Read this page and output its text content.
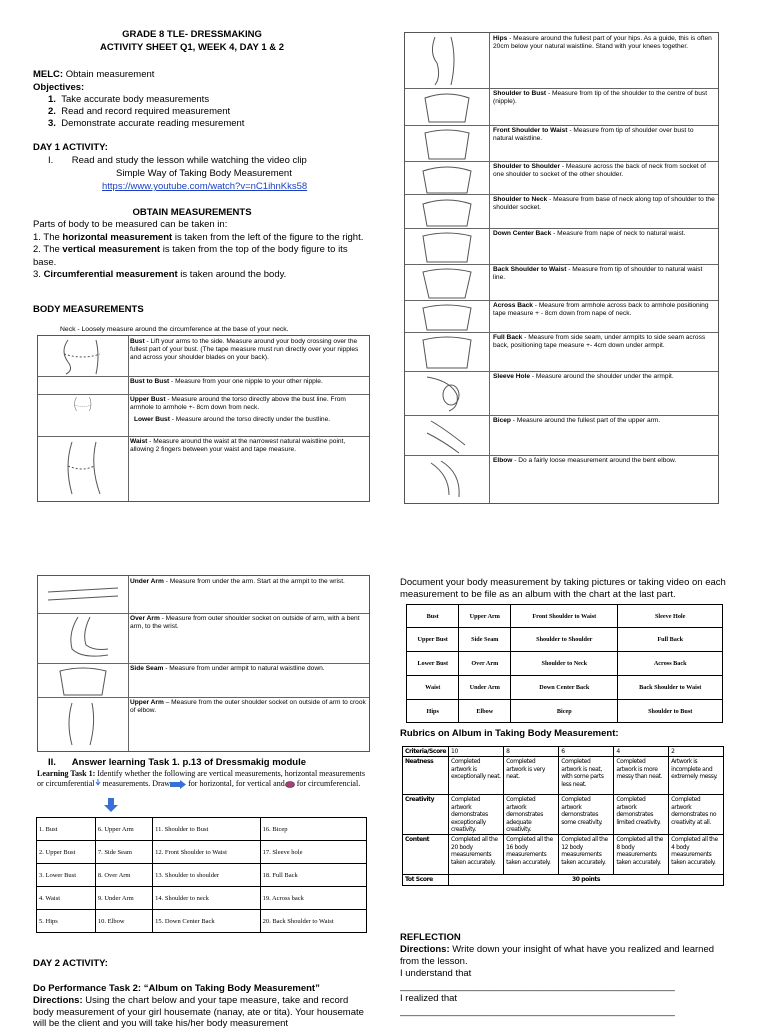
GRADE 8 TLE- DRESSMAKING
ACTIVITY SHEET Q1, WEEK 4, DAY 1 & 2
MELC: Obtain measurement
Objectives:
1. Take accurate body measurements
2. Read and record required measurement
3. Demonstrate accurate reading mesurement
DAY 1 ACTIVITY:
I. Read and study the lesson while watching the video clip
Simple Way of Taking Body Measurement
https://www.youtube.com/watch?v=nC1ihnKks58
OBTAIN MEASUREMENTS
Parts of body to be measured can be taken in:
1. The horizontal measurement is taken from the left of the figure to the right.
2. The vertical measurement is taken from the top of the body figure to its base.
3. Circumferential measurement is taken around the body.
BODY MEASUREMENTS
Neck - Loosely measure around the circumference at the base of your neck.
Bust - Lift your arms to the side. Measure around your body crossing over the fullest part of your bust. (The tape measure must run directly over your nipples and across your shoulder blades on your back).
Bust to Bust - Measure from your one nipple to your other nipple.
Upper Bust - Measure around the torso directly above the bust line. From armhole to armhole +- 8cm down from neck.
Lower Bust - Measure around the torso directly under the bustline.
Waist - Measure around the waist at the narrowest natural waistline point, allowing 2 fingers between your waist and tape measure.
Hips - Measure around the fullest part of your hips. As a guide, this is often 20cm below your natural waistline. Stand with your knees together.
Shoulder to Bust - Measure from tip of the shoulder to the centre of bust (nipple).
Front Shoulder to Waist - Measure from tip of shoulder over bust to natural waistline.
Shoulder to Shoulder - Measure across the back of neck from socket of one shoulder to socket of the other shoulder.
Shoulder to Neck - Measure from base of neck along top of shoulder to the shoulder socket.
Down Center Back - Measure from nape of neck to natural waist.
Back Shoulder to Waist - Measure from tip of shoulder to natural waist line.
Across Back - Measure from armhole across back to armhole positioning tape measure + - 8cm down from nape of neck.
Full Back - Measure from side seam, under armpits to side seam across back, positioning tape measure +- 4cm down under armpit.
Sleeve Hole - Measure around the shoulder under the armpit.
Bicep - Measure around the fullest part of the upper arm.
Elbow - Do a fairly loose measurement around the bent elbow.
Under Arm - Measure from under the arm. Start at the armpit to the wrist.
Over Arm - Measure from outer shoulder socket on outside of arm, with a bent arm, to the wrist.
Side Seam - Measure from under armpit to natural waistline down.
Upper Arm – Measure from the outer shoulder socket on outside of arm to crook of elbow.
II. Answer learning Task 1. p.13 of Dressmakig module
Learning Task 1: Identify whether the following are vertical measurements, horizontal measurements or circumferential measurements. Draw for horizontal, for vertical and for circumferencial.
1. Bust	6. Upper Arm	11. Shoulder to Bust	16. Bicep
2. Upper Bust	7. Side Seam	12. Front Shoulder to Waist	17. Sleeve hole
3. Lower Bust	8. Over Arm	13. Shoulder to shoulder	18. Full Back
4. Waist	9. Under Arm	14. Shoulder to neck	19. Across back
5. Hips	10. Elbow	15. Down Center Back	20. Back Shoulder to Waist
DAY 2 ACTIVITY:
Do Performance Task 2: “Album on Taking Body Measurement”
Directions: Using the chart below and your tape measure, take and record body measurement of your girl housemate (nanay, ate or tita). Your housemate will be the client and you will take his/her body measurement
Document your body measurement by taking pictures or taking video on each measurement to be file as an album with the chart at the last part.
Bust	Upper Arm	Front Shoulder to Waist	Sleeve Hole
Upper Bust	Side Seam	Shoulder to Shoulder	Full Back
Lower Bust	Over Arm	Shoulder to Neck	Across Back
Waist	Under Arm	Down Center Back	Back Shoulder to Waist
Hips	Elbow	Bicep	Shoulder to Bust
Rubrics on Album in Taking Body Measurement:
Criteria/Score	10	8	6	4	2
Neatness	Completed artwork is exceptionally neat.	Completed artwork is very neat.	Completed artwork is neat, with some parts less neat.	Completed artwork is more messy than neat.	Artwork is incomplete and extremely messy.
Creativity	Completed artwork demonstrates exceptionally creativity.	Completed artwork demonstrates adequate creativity.	Completed artwork demonstrates some creativity.	Completed artwork demonstrates limited creativity.	Completed artwork demonstrates no creativity at all.
Content	Completed all the 20 body measurements taken accurately.	Completed all the 16 body measurements taken accurately.	Completed all the 12 body measurements taken accurately.	Completed all the 8 body measurements taken accurately.	Completed all the 4 body measurements taken accurately.
Tot Score	30 points				
REFLECTION
Directions: Write down your insight of what have you realized and learned from the lesson.
I understand that
____________________________________________________
I realized that
____________________________________________________
